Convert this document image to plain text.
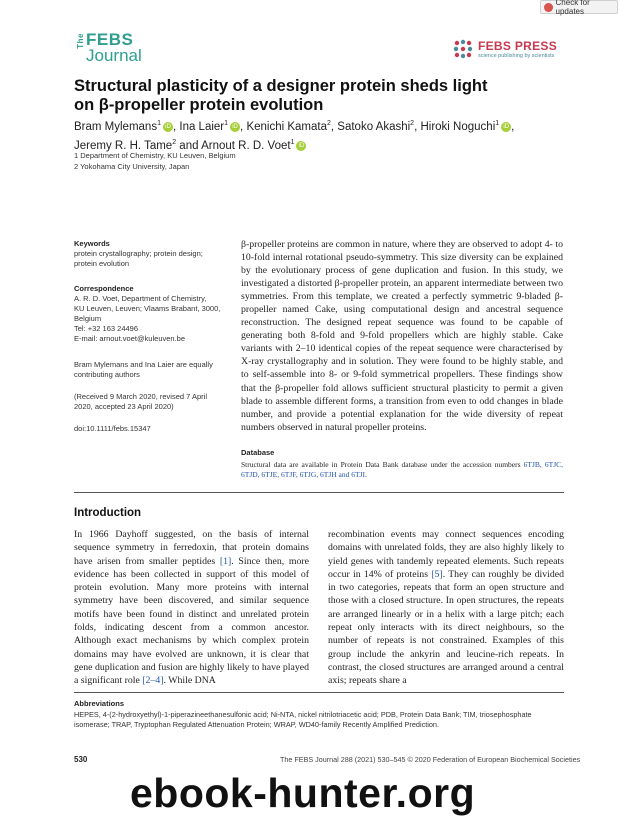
Check for updates
The FEBS
Journal	FEBS PRESS
science publishing by scientists
Structural plasticity of a designer protein sheds light
on β-propeller protein evolution
Bram Mylemans$^1$ iD , Ina Laier$^1$ iD , Kenichi Kamata$^2$, Satoko Akashi$^2$, Hiroki Noguchi$^1$ iD ,
Jeremy R. H. Tame$^2$ and Arnout R. D. Voet$^1$ iD
1 Department of Chemistry, KU Leuven, Belgium
2 Yokohama City University, Japan
Keywords
protein crystallography; protein design;
protein evolution
Correspondence
A. R. D. Voet, Department of Chemistry,
KU Leuven, Leuven; Vlaams Brabant, 3000,
Belgium
Tel: +32 163 24496
E-mail: arnout.voet@kuleuven.be
Bram Mylemans and Ina Laier are equally
contributing authors
(Received 9 March 2020, revised 7 April
2020, accepted 23 April 2020)
doi:10.1111/febs.15347
β-propeller proteins are common in nature, where they are observed to adopt 4- to 10-fold internal rotational pseudo-symmetry. This size diversity can be explained by the evolutionary process of gene duplication and fusion. In this study, we investigated a distorted β-propeller protein, an apparent intermediate between two symmetries. From this template, we created a perfectly symmetric 9-bladed β-propeller named Cake, using computational design and ancestral sequence reconstruction. The designed repeat sequence was found to be capable of generating both 8-fold and 9-fold propellers which are highly stable. Cake variants with 2–10 identical copies of the repeat sequence were characterised by X-ray crystallography and in solution. They were found to be highly stable, and to self-assemble into 8- or 9-fold symmetrical propellers. These findings show that the β-propeller fold allows sufficient structural plasticity to permit a given blade to assemble different forms, a transition from even to odd changes in blade number, and provide a potential explanation for the wide diversity of repeat numbers observed in natural propeller proteins.
Database
Structural data are available in Protein Data Bank database under the accession numbers 6TJB, 6TJC, 6TJD, 6TJE, 6TJF, 6TJG, 6TJH and 6TJI.
Introduction
In 1966 Dayhoff suggested, on the basis of internal sequence symmetry in ferredoxin, that protein domains have arisen from smaller peptides [1]. Since then, more evidence has been collected in support of this model of protein evolution. Many more proteins with internal symmetry have been discovered, and similar sequence motifs have been found in distinct and unrelated protein folds, indicating descent from a common ancestor. Although exact mechanisms by which complex protein domains may have evolved are unknown, it is clear that gene duplication and fusion are highly likely to have played a significant role [2–4]. While DNA
recombination events may connect sequences encoding domains with unrelated folds, they are also highly likely to yield genes with tandemly repeated elements. Such repeats occur in 14% of proteins [5]. They can roughly be divided in two categories, repeats that form an open structure and those with a closed structure. In open structures, the repeats are arranged linearly or in a helix with a large pitch; each repeat only interacts with its direct neighbours, so the number of repeats is not constrained. Examples of this group include the ankyrin and leucine-rich repeats. In contrast, the closed structures are arranged around a central axis; repeats share a
Abbreviations
HEPES, 4-(2-hydroxyethyl)-1-piperazineethanesulfonic acid; Ni-NTA, nickel nitrilotriacetic acid; PDB, Protein Data Bank; TIM, triosephosphate isomerase; TRAP, Tryptophan Regulated Attenuation Protein; WRAP, WD40-family Recently Amplified Prediction.
530	The FEBS Journal 288 (2021) 530–545 © 2020 Federation of European Biochemical Societies
ebook-hunter.org
